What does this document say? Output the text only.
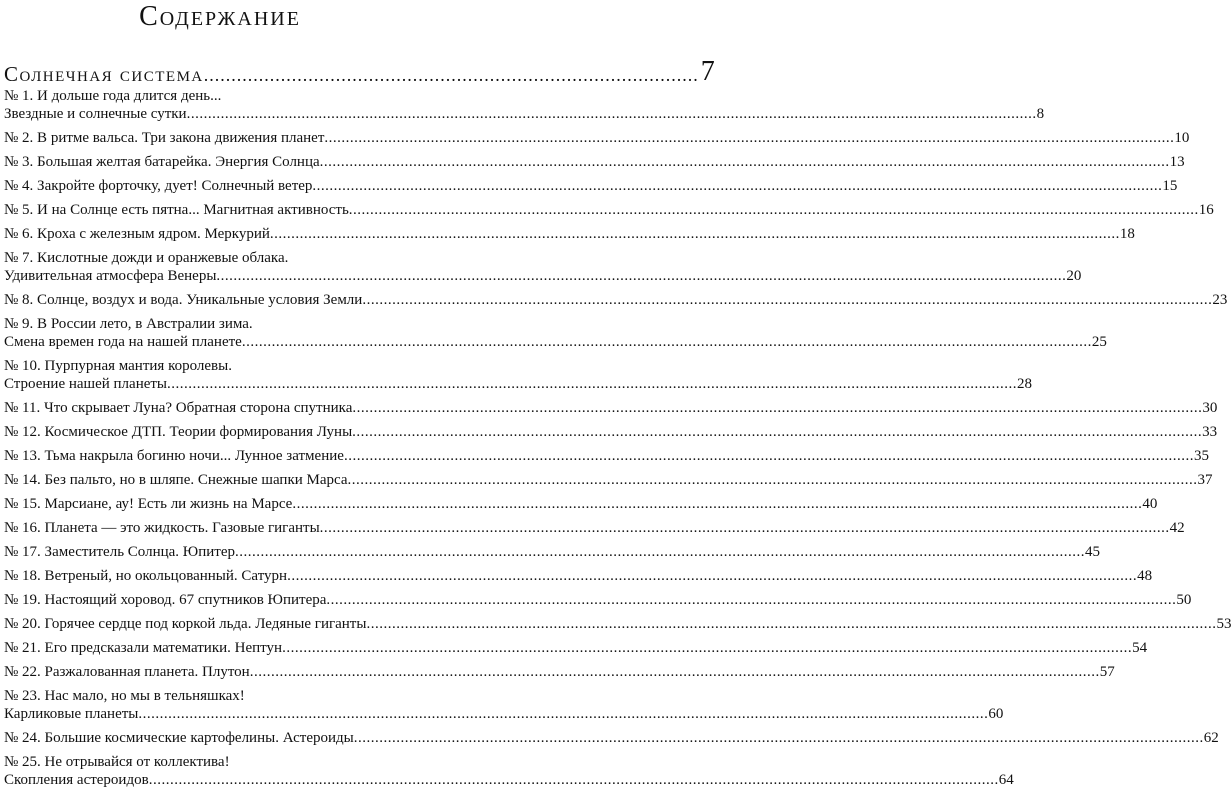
Содержание
Солнечная система .......................................................................................... 7
№ 1. И дольше года длится день...
Звездные и солнечные сутки ........................................................................................................................................................................................................ 8
№ 2. В ритме вальса. Три закона движения планет ........................................................................................................................................................................................................ 10
№ 3. Большая желтая батарейка. Энергия Солнца ........................................................................................................................................................................................................ 13
№ 4. Закройте форточку, дует! Солнечный ветер ........................................................................................................................................................................................................ 15
№ 5. И на Солнце есть пятна... Магнитная активность ........................................................................................................................................................................................................ 16
№ 6. Кроха с железным ядром. Меркурий ........................................................................................................................................................................................................ 18
№ 7. Кислотные дожди и оранжевые облака.
Удивительная атмосфера Венеры ........................................................................................................................................................................................................ 20
№ 8. Солнце, воздух и вода. Уникальные условия Земли ........................................................................................................................................................................................................ 23
№ 9. В России лето, в Австралии зима.
Смена времен года на нашей планете ........................................................................................................................................................................................................ 25
№ 10. Пурпурная мантия королевы.
Строение нашей планеты ........................................................................................................................................................................................................ 28
№ 11. Что скрывает Луна? Обратная сторона спутника ........................................................................................................................................................................................................ 30
№ 12. Космическое ДТП. Теории формирования Луны ........................................................................................................................................................................................................ 33
№ 13. Тьма накрыла богиню ночи... Лунное затмение ........................................................................................................................................................................................................ 35
№ 14. Без пальто, но в шляпе. Снежные шапки Марса ........................................................................................................................................................................................................ 37
№ 15. Марсиане, ау! Есть ли жизнь на Марсе ........................................................................................................................................................................................................ 40
№ 16. Планета — это жидкость. Газовые гиганты ........................................................................................................................................................................................................ 42
№ 17. Заместитель Солнца. Юпитер ........................................................................................................................................................................................................ 45
№ 18. Ветреный, но окольцованный. Сатурн ........................................................................................................................................................................................................ 48
№ 19. Настоящий хоровод. 67 спутников Юпитера ........................................................................................................................................................................................................ 50
№ 20. Горячее сердце под коркой льда. Ледяные гиганты ........................................................................................................................................................................................................ 53
№ 21. Его предсказали математики. Нептун ........................................................................................................................................................................................................ 54
№ 22. Разжалованная планета. Плутон ........................................................................................................................................................................................................ 57
№ 23. Нас мало, но мы в тельняшках!
Карликовые планеты ........................................................................................................................................................................................................ 60
№ 24. Большие космические картофелины. Астероиды ........................................................................................................................................................................................................ 62
№ 25. Не отрывайся от коллектива!
Скопления астероидов ........................................................................................................................................................................................................ 64
